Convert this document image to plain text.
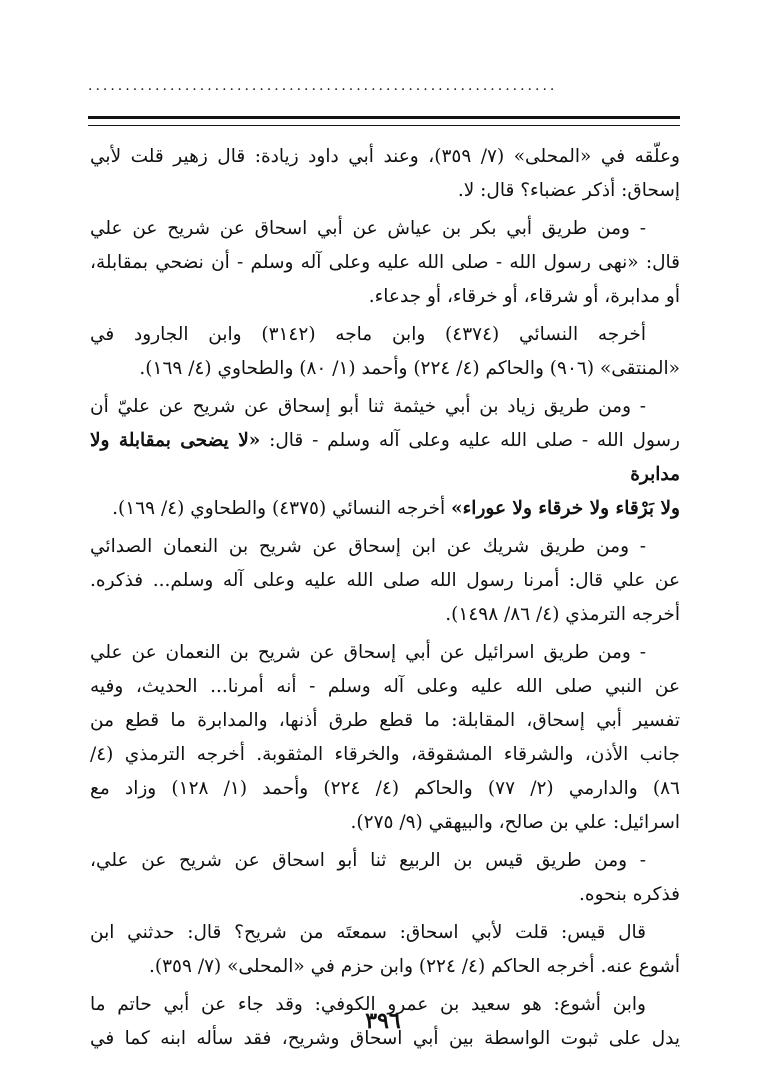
...............................................................

وعلّقه في «المحلى» (٧/ ٣٥٩)، وعند أبي داود زيادة: قال زهير قلت لأبي
إسحاق: أذكر عضباء؟ قال: لا.

- ومن طريق أبي بكر بن عياش عن أبي اسحاق عن شريح عن علي

قال: «نهى رسول الله - صلى الله عليه وعلى آله وسلم - أن نضحي بمقابلة،
أو مدابرة، أو شرقاء، أو خرقاء، أو جدعاء.

أخرجه النسائي (٤٣٧٤) وابن ماجه (٣١٤٢) وابن الجارود في

«المنتقى» (٩٠٦) والحاكم (٤/ ٢٢٤) وأحمد (١/ ٨٠) والطحاوي (٤/ ١٦٩).

- ومن طريق زياد بن أبي خيثمة ثنا أبو إسحاق عن شريح عن عليّ أن

رسول الله - صلى الله عليه وعلى آله وسلم - قال: «لا يضحى بمقابلة ولا مدابرة
ولا بَرْقاء ولا خرقاء ولا عوراء» أخرجه النسائي (٤٣٧٥) والطحاوي (٤/ ١٦٩).

- ومن طريق شريك عن ابن إسحاق عن شريح بن النعمان الصدائي

عن علي قال: أمرنا رسول الله صلى الله عليه وعلى آله وسلم... فذكره.
أخرجه الترمذي (٤/ ٨٦/ ١٤٩٨).

- ومن طريق اسرائيل عن أبي إسحاق عن شريح بن النعمان عن علي

عن النبي صلى الله عليه وعلى آله وسلم - أنه أمرنا... الحديث، وفيه
تفسير أبي إسحاق، المقابلة: ما قطع طرق أذنها، والمدابرة ما قطع من
جانب الأذن، والشرقاء المشقوقة، والخرقاء المثقوبة. أخرجه الترمذي (٤/
٨٦) والدارمي (٢/ ٧٧) والحاكم (٤/ ٢٢٤) وأحمد (١/ ١٢٨) وزاد مع
اسرائيل: علي بن صالح، والبيهقي (٩/ ٢٧٥).

- ومن طريق قيس بن الربيع ثنا أبو اسحاق عن شريح عن علي،

فذكره بنحوه.

قال قيس: قلت لأبي اسحاق: سمعتَه من شريح؟ قال: حدثني ابن

أشوع عنه. أخرجه الحاكم (٤/ ٢٢٤) وابن حزم في «المحلى» (٧/ ٣٥٩).

وابن أشوع: هو سعيد بن عمرو الكوفي: وقد جاء عن أبي حاتم ما

يدل على ثبوت الواسطة بين أبي اسحاق وشريح، فقد سأله ابنه كما في

٣٩٦
